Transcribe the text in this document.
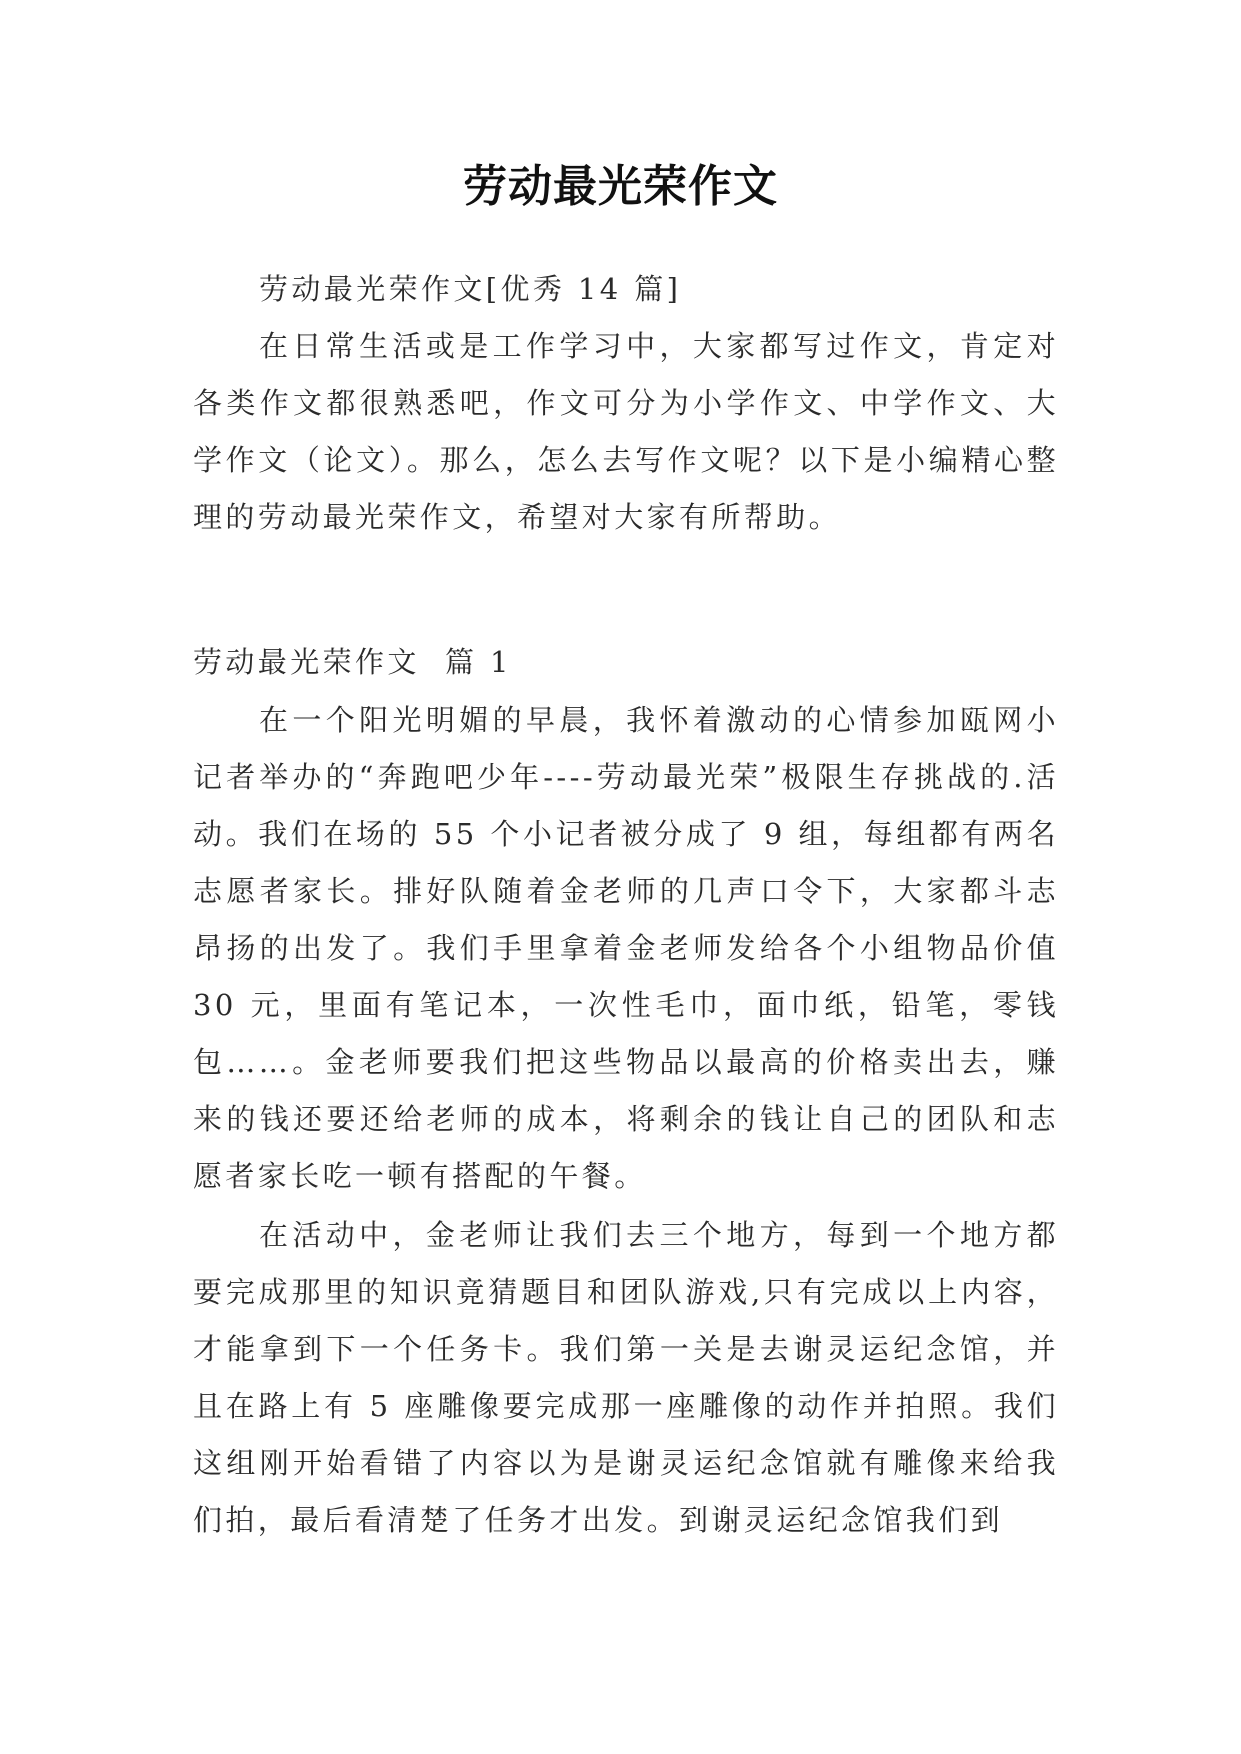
劳动最光荣作文

劳动最光荣作文[优秀 14 篇]

在日常生活或是工作学习中，大家都写过作文，肯定对各类作文都很熟悉吧，作文可分为小学作文、中学作文、大学作文（论文）。那么，怎么去写作文呢？以下是小编精心整理的劳动最光荣作文，希望对大家有所帮助。

劳动最光荣作文  篇 1

在一个阳光明媚的早晨，我怀着激动的心情参加瓯网小记者举办的“奔跑吧少年----劳动最光荣”极限生存挑战的.活动。我们在场的 55 个小记者被分成了 9 组，每组都有两名志愿者家长。排好队随着金老师的几声口令下，大家都斗志昂扬的出发了。我们手里拿着金老师发给各个小组物品价值 30 元，里面有笔记本，一次性毛巾，面巾纸，铅笔，零钱包……。金老师要我们把这些物品以最高的价格卖出去，赚来的钱还要还给老师的成本，将剩余的钱让自己的团队和志愿者家长吃一顿有搭配的午餐。

在活动中，金老师让我们去三个地方，每到一个地方都要完成那里的知识竟猜题目和团队游戏,只有完成以上内容，才能拿到下一个任务卡。我们第一关是去谢灵运纪念馆，并且在路上有 5 座雕像要完成那一座雕像的动作并拍照。我们这组刚开始看错了内容以为是谢灵运纪念馆就有雕像来给我们拍，最后看清楚了任务才出发。到谢灵运纪念馆我们到
